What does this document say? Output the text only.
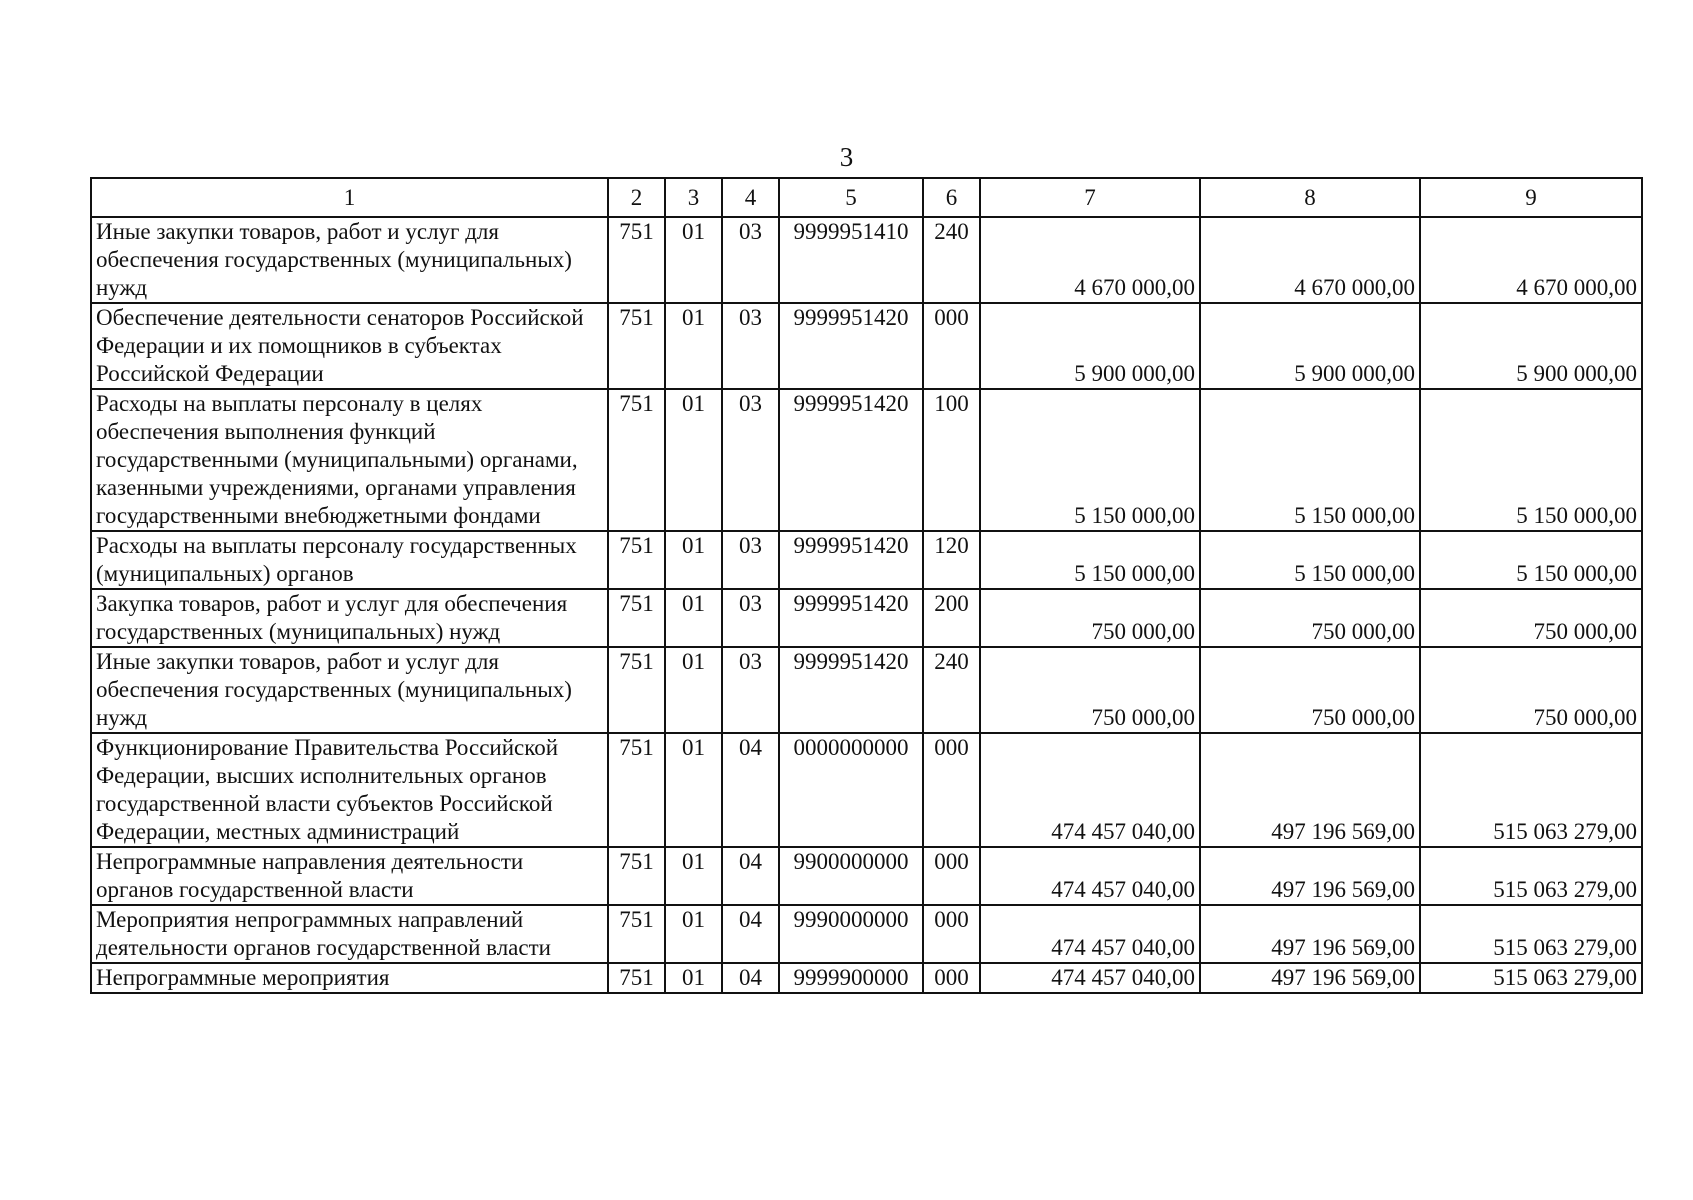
3
1	2	3	4	5	6	7	8	9
Иные закупки товаров, работ и услуг для обеспечения государственных (муниципальных) нужд	751	01	03	9999951410	240	4 670 000,00	4 670 000,00	4 670 000,00
Обеспечение деятельности сенаторов Российской Федерации и их помощников в субъектах Российской Федерации	751	01	03	9999951420	000	5 900 000,00	5 900 000,00	5 900 000,00
Расходы на выплаты персоналу в целях обеспечения выполнения функций государственными (муниципальными) органами, казенными учреждениями, органами управления государственными внебюджетными фондами	751	01	03	9999951420	100	5 150 000,00	5 150 000,00	5 150 000,00
Расходы на выплаты персоналу государственных (муниципальных) органов	751	01	03	9999951420	120	5 150 000,00	5 150 000,00	5 150 000,00
Закупка товаров, работ и услуг для обеспечения государственных (муниципальных) нужд	751	01	03	9999951420	200	750 000,00	750 000,00	750 000,00
Иные закупки товаров, работ и услуг для обеспечения государственных (муниципальных) нужд	751	01	03	9999951420	240	750 000,00	750 000,00	750 000,00
Функционирование Правительства Российской Федерации, высших исполнительных органов государственной власти субъектов Российской Федерации, местных администраций	751	01	04	0000000000	000	474 457 040,00	497 196 569,00	515 063 279,00
Непрограммные направления деятельности органов государственной власти	751	01	04	9900000000	000	474 457 040,00	497 196 569,00	515 063 279,00
Мероприятия непрограммных направлений деятельности органов государственной власти	751	01	04	9990000000	000	474 457 040,00	497 196 569,00	515 063 279,00
Непрограммные мероприятия	751	01	04	9999900000	000	474 457 040,00	497 196 569,00	515 063 279,00
